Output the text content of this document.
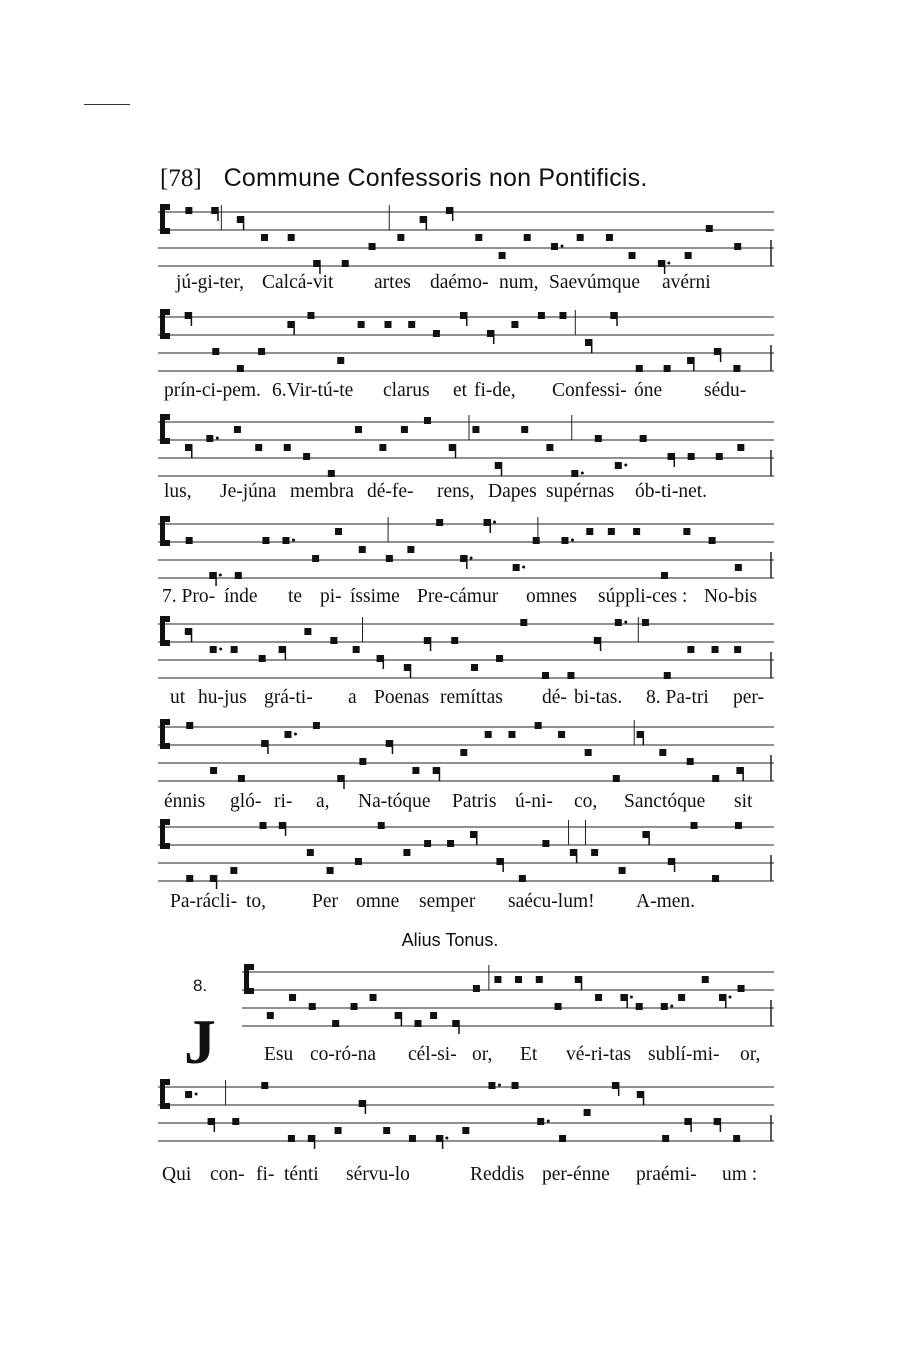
[78] Commune Confessoris non Pontificis.
jú-gi-ter, Calcá-vit artes daémo- num, Saevúmque avérni
prín-ci-pem. 6.Vir-tú-te clarus et fi-de, Confessi- óne sédu-
lus, Je-júna membra dé-fe- rens, Dapes supérnas ób-ti-net.
7. Pro- índe te pi- íssime Pre-cámur omnes súppli-ces : No-bis
ut hu-jus grá-ti- a Poenas remíttas dé- bi-tas. 8. Pa-tri per-
énnis gló- ri- a, Na-tóque Patris ú-ni- co, Sanctóque sit
Pa-rácli- to, Per omne semper saécu-lum! A-men.
Alius Tonus.
8.
J Esu co-ró-na cél-si- or, Et vé-ri-tas sublí-mi- or,
Qui con- fi- ténti sérvu-lo	Reddis per-énne praémi- um :
